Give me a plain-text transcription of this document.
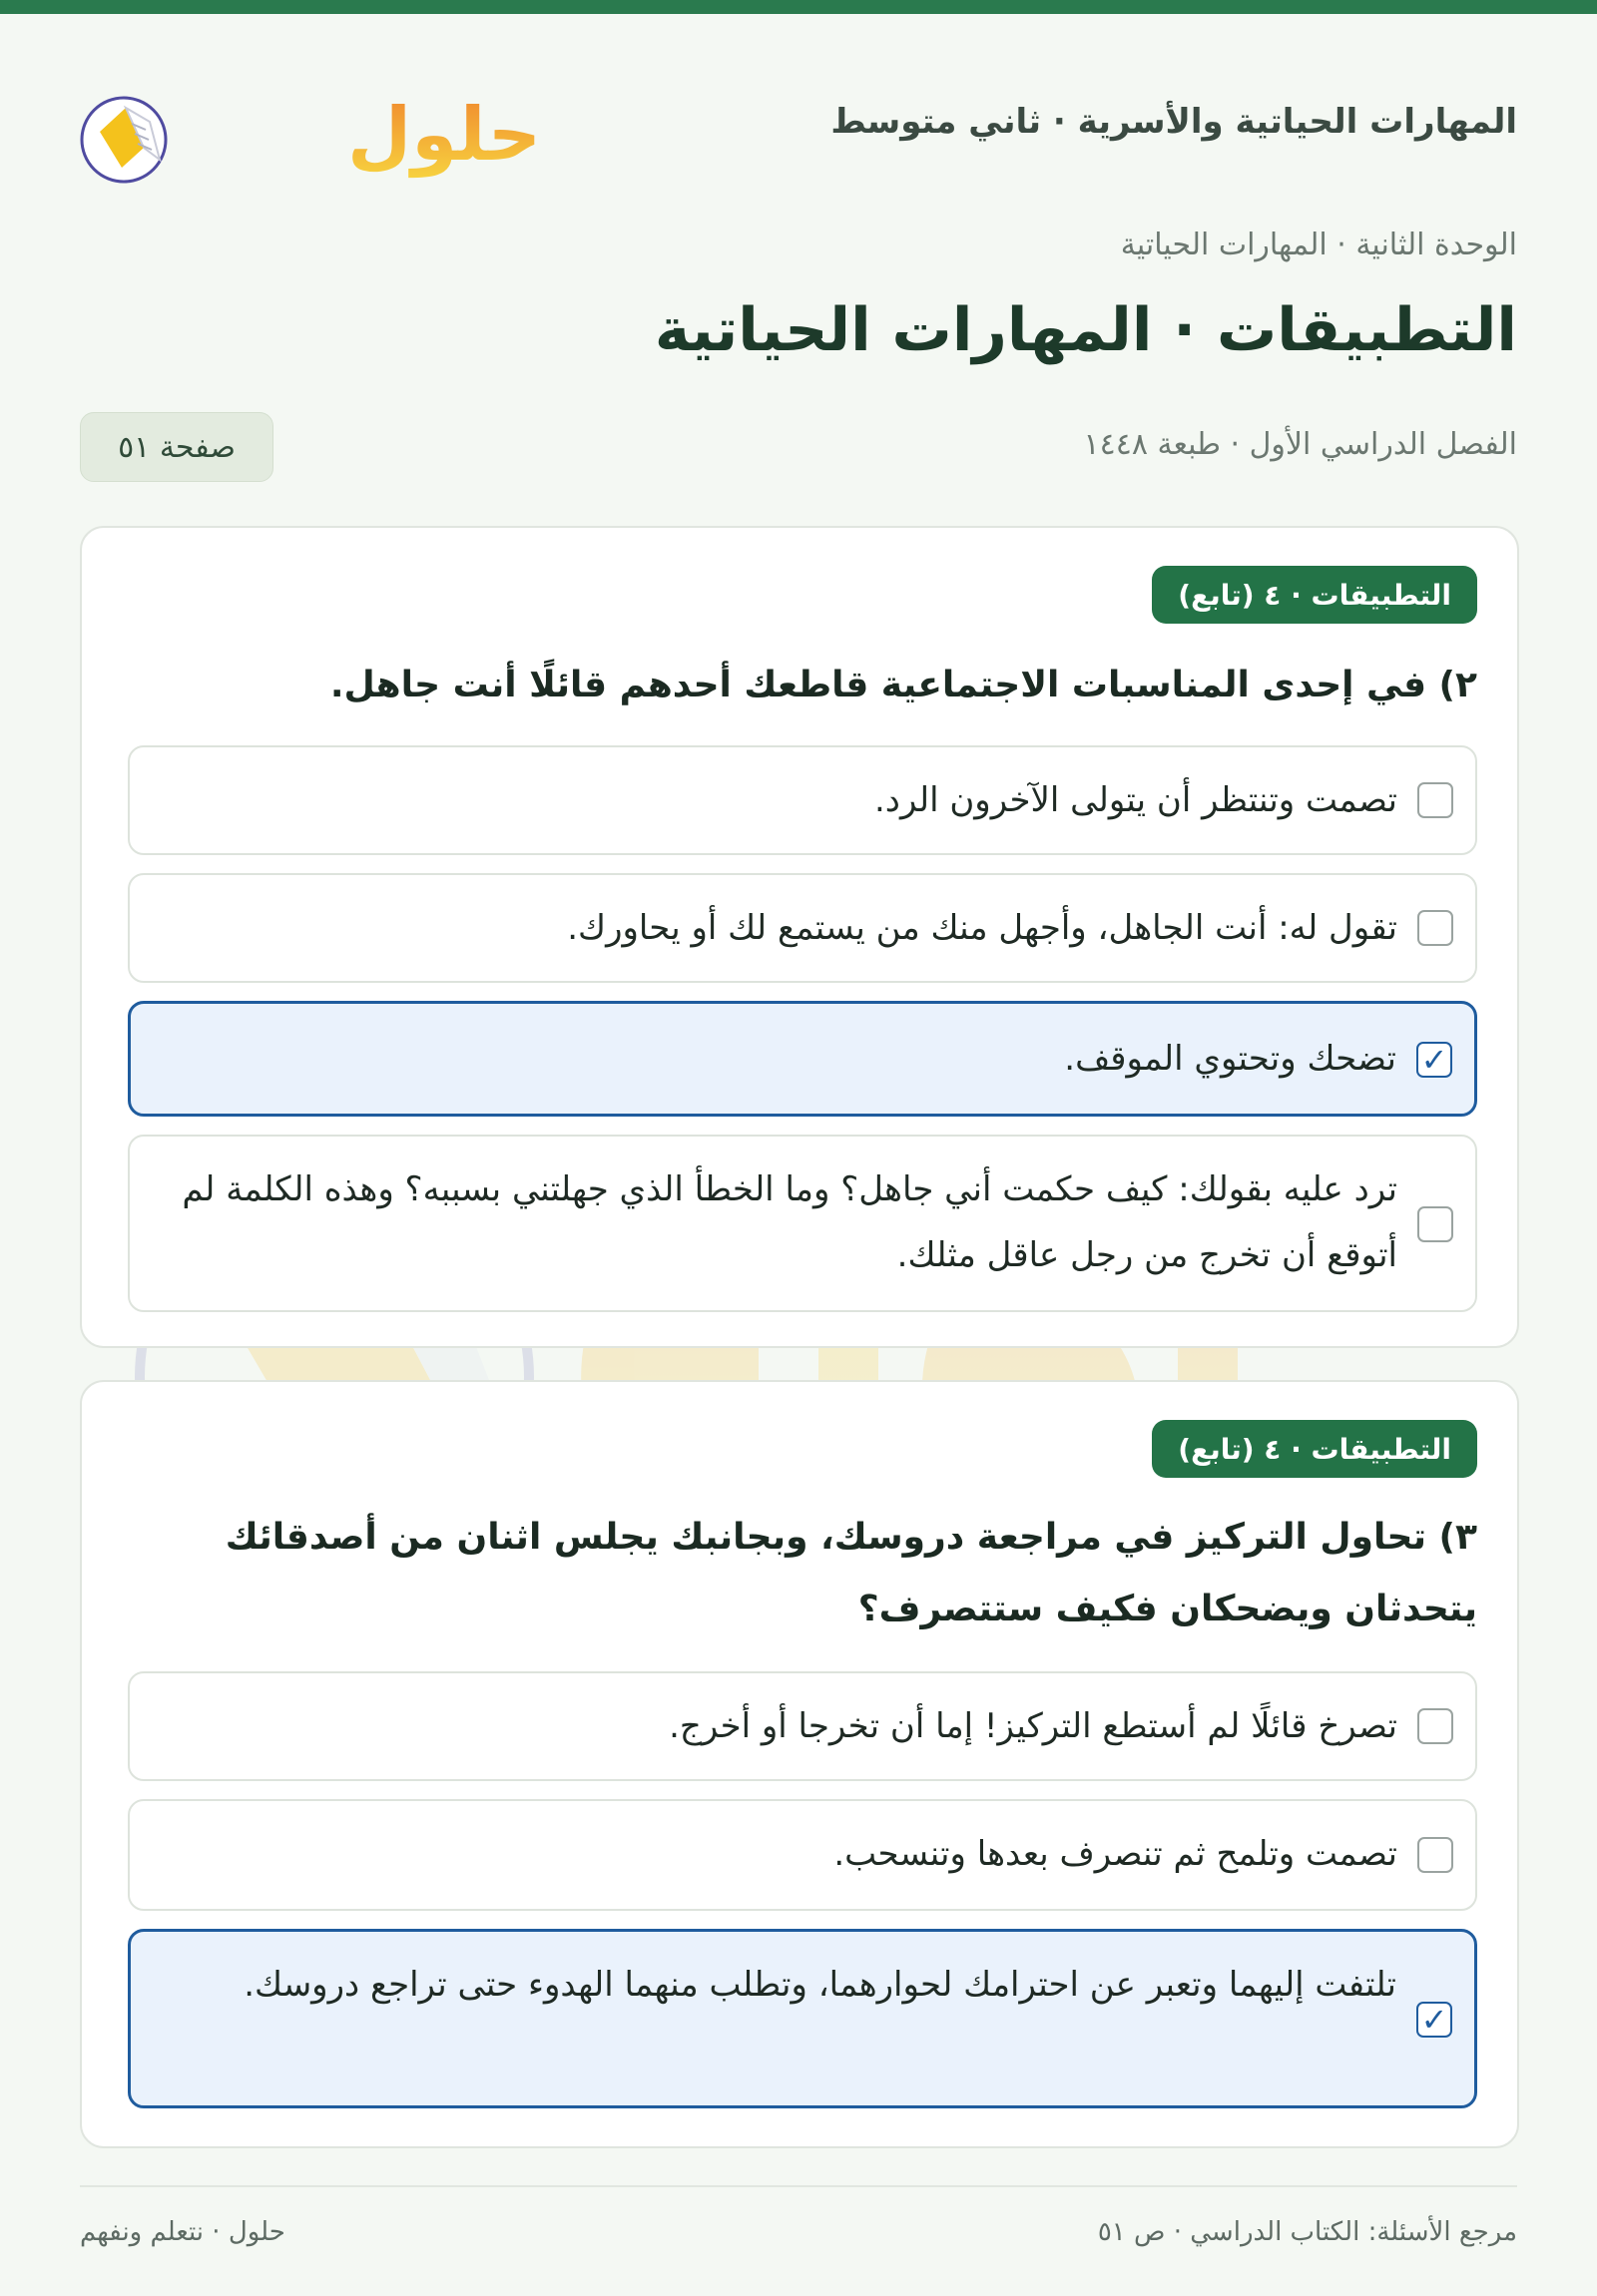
المهارات الحياتية والأسرية · ثاني متوسط
حلول
الوحدة الثانية · المهارات الحياتية
التطبيقات · المهارات الحياتية
الفصل الدراسي الأول · طبعة ١٤٤٨
صفحة ٥١
التطبيقات · ٤ (تابع)
٢) في إحدى المناسبات الاجتماعية قاطعك أحدهم قائلًا أنت جاهل.
تصمت وتنتظر أن يتولى الآخرون الرد.
تقول له: أنت الجاهل، وأجهل منك من يستمع لك أو يحاورك.
✓
تضحك وتحتوي الموقف.
ترد عليه بقولك: كيف حكمت أني جاهل؟ وما الخطأ الذي جهلتني بسببه؟ وهذه الكلمة لم أتوقع أن تخرج من رجل عاقل مثلك.
التطبيقات · ٤ (تابع)
٣) تحاول التركيز في مراجعة دروسك، وبجانبك يجلس اثنان من أصدقائك يتحدثان ويضحكان فكيف ستتصرف؟
تصرخ قائلًا لم أستطع التركيز! إما أن تخرجا أو أخرج.
تصمت وتلمح ثم تنصرف بعدها وتنسحب.
✓
تلتفت إليهما وتعبر عن احترامك لحوارهما، وتطلب منهما الهدوء حتى تراجع دروسك.
مرجع الأسئلة: الكتاب الدراسي · ص ٥١
حلول · نتعلم ونفهم
